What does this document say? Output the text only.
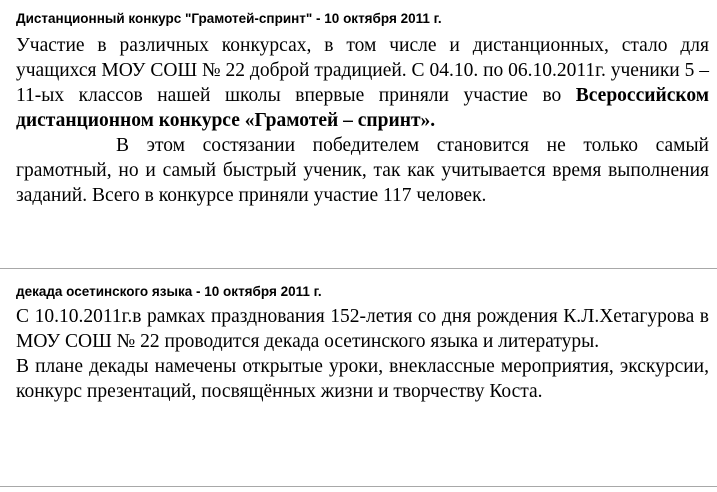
Дистанционный конкурс "Грамотей-спринт" - 10 октября 2011 г.

Участие в различных конкурсах, в том числе и дистанционных, стало для учащихся МОУ СОШ № 22 доброй традицией. С 04.10. по 06.10.2011г. ученики 5 – 11-ых классов нашей школы впервые приняли участие во Всероссийском дистанционном конкурсе «Грамотей – спринт».

В этом состязании победителем становится не только самый грамотный, но и самый быстрый ученик, так как учитывается время выполнения заданий. Всего в конкурсе приняли участие 117 человек.

декада осетинского языка - 10 октября 2011 г.

С 10.10.2011г.в рамках празднования 152-летия со дня рождения К.Л.Хетагурова в МОУ СОШ № 22 проводится декада осетинского языка и литературы.

В плане декады намечены открытые уроки, внеклассные мероприятия, экскурсии, конкурс презентаций, посвящённых жизни и творчеству Коста.
